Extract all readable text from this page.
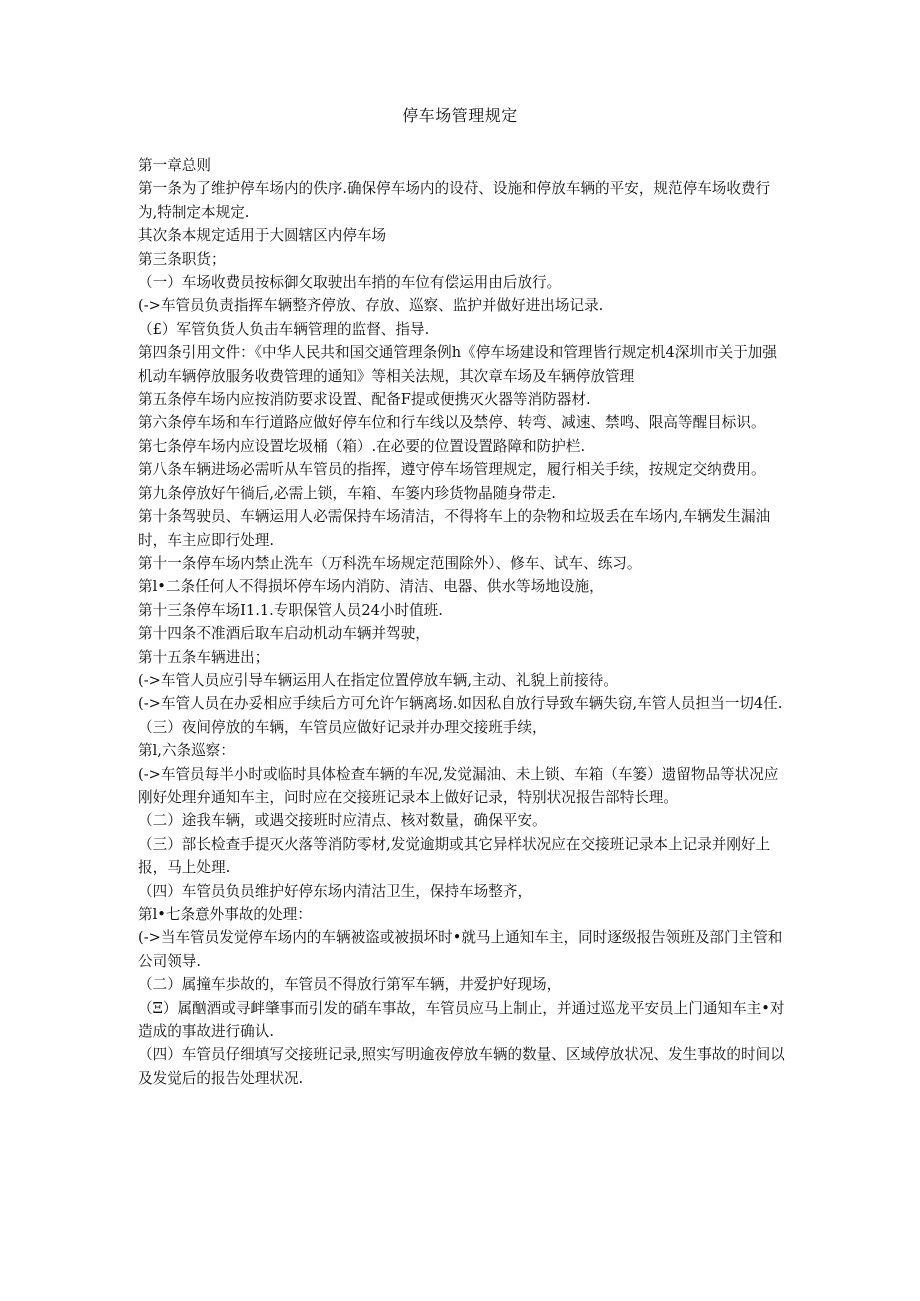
停车场管理规定

第一章总则

第一条为了维护停车场内的佚序.确保停车场内的设苻、设施和停放车辆的平安，规范停车场收费行为,特制定本规定.

其次条本规定适用于大圆辖区内停车场

第三条职货；

（一）车场收费员按标御攵取驶出车捎的车位有偿运用由后放行。

(->车管员负责指挥车辆整齐停放、存放、巡察、监护并做好进出场记录.

（£）军管负货人负击车辆管理的监督、指导.

第四条引用文件：《中华人民共和国交通管理条例h《停车场建设和管理皆行规定机4深圳市关于加强机动车辆停放服务收费管理的通知》等相关法规，其次章车场及车辆停放管理

第五条停车场内应按消防要求设置、配备F提或便携灭火器等消防器材.

第六条停车场和车行道路应做好停车位和行车线以及禁停、转弯、减速、禁鸣、限高等醒目标识。

第七条停车场内应设置圪圾桶（箱）.在必要的位置设置路障和防护栏.

第八条车辆进场必需听从车管员的指挥，遵守停车场管理规定，履行相关手续，按规定交纳费用。

第九条停放好午徜后,必需上锁，车箱、车篓内珍货物晶随身带走.

第十条驾驶员、车辆运用人必需保持车场清洁，不得将车上的杂物和垃圾丢在车场内,车辆发生漏油时，车主应即行处理.

第十一条停车场内禁止洗车（万科洗车场规定范围除外）、修车、试车、练习。

第l•二条任何人不得损坏停车场内消防、清洁、电器、供水等场地设施，

第十三条停车场I1.1.专职保管人员24小时值班.

第十四条不准酒后取车启动机动车辆并驾驶，

第十五条车辆进出；

(->车管人员应引导车辆运用人在指定位置停放车辆,主动、礼貌上前接待。

(->车管人员在办妥相应手续后方可允许乍辆离场.如因私自放行导致车辆失窃,车管人员担当一切4任.

（三）夜间停放的车辆，车管员应做好记录并办理交接班手续，

第l,六条巡察：

(->车管员每半小时或临时具体检查车辆的车况,发觉漏油、未上锁、车箱（车篓）遗留物品等状况应刚好处理弁通知车主，问时应在交接班记录本上做好记录，特别状况报告部特长理。

（二）途我车辆，或遇交接班时应清点、核对数量，确保平安。

（三）部长检查手提灭火落等消防零材,发觉逾期或其它异样状况应在交接班记录本上记录并刚好上报，马上处理.

（四）车管员负员维护好停东场内清沽卫生，保持车场整齐，

第l•七条意外事故的处理：

(->当车管员发觉停车场内的车辆被盗或被损坏时•就马上通知车主，同时逐级报告领班及部门主管和公司领导.

（二）属撞车歩故的，车管员不得放行第军车辆，井爱护好现场，

（Ξ）属酗酒或寻衅肇事而引发的硝车事故，车管员应马上制止，并通过巡龙平安员上门通知车主•对造成的事故进行确认.

（四）车管员仔细填写交接班记录,照实写明逾夜停放车辆的数量、区域停放状况、发生事故的时间以及发觉后的报告处理状况.
